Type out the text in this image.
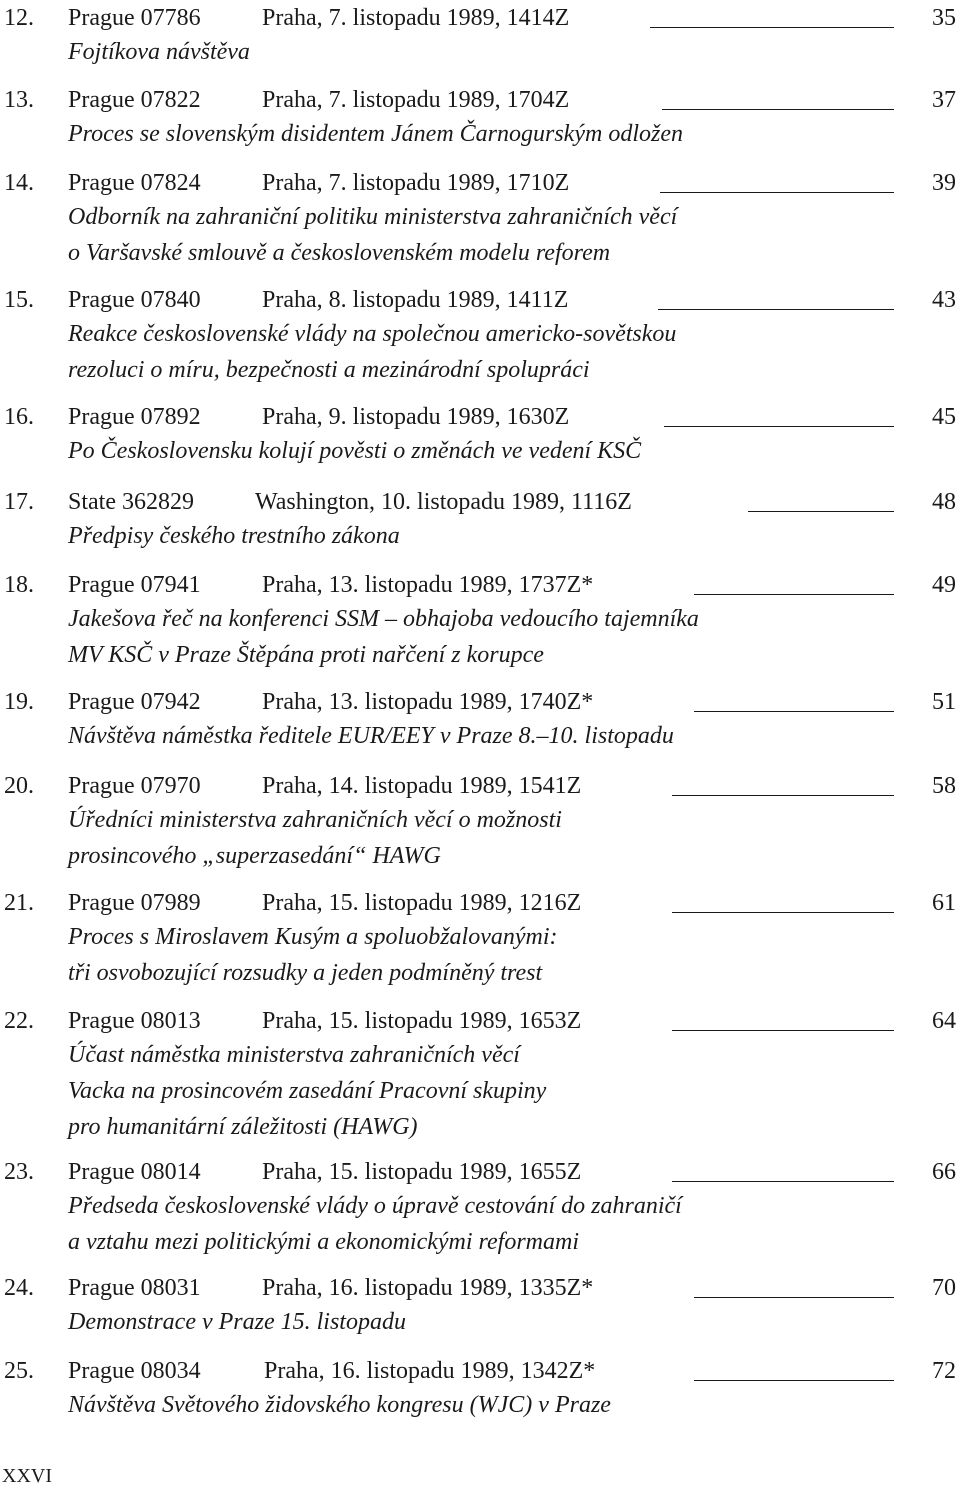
12. Prague 07786	Praha, 7. listopadu 1989, 1414Z	35
Fojtíkova návštěva
13. Prague 07822	Praha, 7. listopadu 1989, 1704Z	37
Proces se slovenským disidentem Jánem Čarnogurským odložen
14. Prague 07824	Praha, 7. listopadu 1989, 1710Z	39
Odborník na zahraniční politiku ministerstva zahraničních věcí
o Varšavské smlouvě a československém modelu reforem
15. Prague 07840	Praha, 8. listopadu 1989, 1411Z	43
Reakce československé vlády na společnou americko-sovětskou
rezoluci o míru, bezpečnosti a mezinárodní spolupráci
16. Prague 07892	Praha, 9. listopadu 1989, 1630Z	45
Po Československu kolují pověsti o změnách ve vedení KSČ
17. State 362829	Washington, 10. listopadu 1989, 1116Z	48
Předpisy českého trestního zákona
18. Prague 07941	Praha, 13. listopadu 1989, 1737Z*	49
Jakešova řeč na konferenci SSM – obhajoba vedoucího tajemníka
MV KSČ v Praze Štěpána proti nařčení z korupce
19. Prague 07942	Praha, 13. listopadu 1989, 1740Z*	51
Návštěva náměstka ředitele EUR/EEY v Praze 8.–10. listopadu
20. Prague 07970	Praha, 14. listopadu 1989, 1541Z	58
Úředníci ministerstva zahraničních věcí o možnosti
prosincového „superzasedání“ HAWG
21. Prague 07989	Praha, 15. listopadu 1989, 1216Z	61
Proces s Miroslavem Kusým a spoluobžalovanými:
tři osvobozující rozsudky a jeden podmíněný trest
22. Prague 08013	Praha, 15. listopadu 1989, 1653Z	64
Účast náměstka ministerstva zahraničních věcí
Vacka na prosincovém zasedání Pracovní skupiny
pro humanitární záležitosti (HAWG)
23. Prague 08014	Praha, 15. listopadu 1989, 1655Z	66
Předseda československé vlády o úpravě cestování do zahraničí
a vztahu mezi politickými a ekonomickými reformami
24. Prague 08031	Praha, 16. listopadu 1989, 1335Z*	70
Demonstrace v Praze 15. listopadu
25. Prague 08034	Praha, 16. listopadu 1989, 1342Z*	72
Návštěva Světového židovského kongresu (WJC) v Praze
XXVI
